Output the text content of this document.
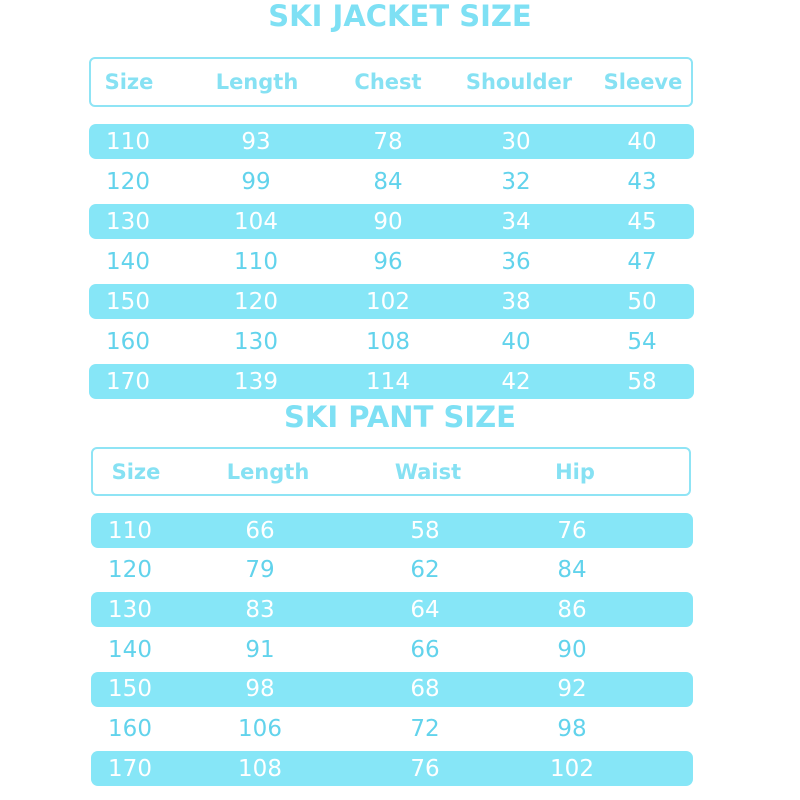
SKI JACKET SIZE
Size	Length	Chest	Shoulder	Sleeve
110	93	78	30	40
120	99	84	32	43
130	104	90	34	45
140	110	96	36	47
150	120	102	38	50
160	130	108	40	54
170	139	114	42	58
SKI PANT SIZE
Size	Length	Waist	Hip
110	66	58	76
120	79	62	84
130	83	64	86
140	91	66	90
150	98	68	92
160	106	72	98
170	108	76	102
